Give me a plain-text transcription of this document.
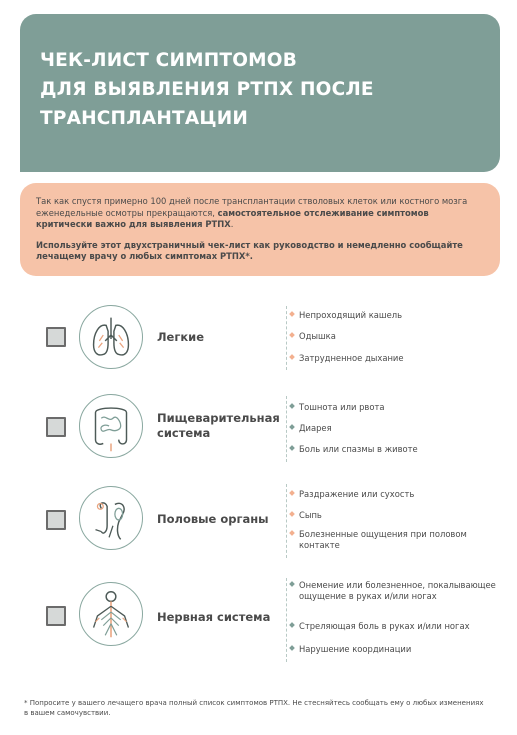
ЧЕК-ЛИСТ СИМПТОМОВ
ДЛЯ ВЫЯВЛЕНИЯ РТПХ ПОСЛЕ
ТРАНСПЛАНТАЦИИ

Так как спустя примерно 100 дней после трансплантации стволовых клеток или костного мозга еженедельные осмотры прекращаются, самостоятельное отслеживание симптомов критически важно для выявления РТПХ.

Используйте этот двухстраничный чек-лист как руководство и немедленно сообщайте лечащему врачу о любых симптомах РТПХ*.

Легкие
Непроходящий кашель
Одышка
Затрудненное дыхание
Пищеварительная
система
Тошнота или рвота
Диарея
Боль или спазмы в животе
Половые органы
Раздражение или сухость
Сыпь
Болезненные ощущения при половом контакте
Нервная система
Онемение или болезненное, покалывающее ощущение в руках и/или ногах
Стреляющая боль в руках и/или ногах
Нарушение координации
* Попросите у вашего лечащего врача полный список симптомов РТПХ. Не стесняйтесь сообщать ему о любых изменениях в вашем самочувствии.
